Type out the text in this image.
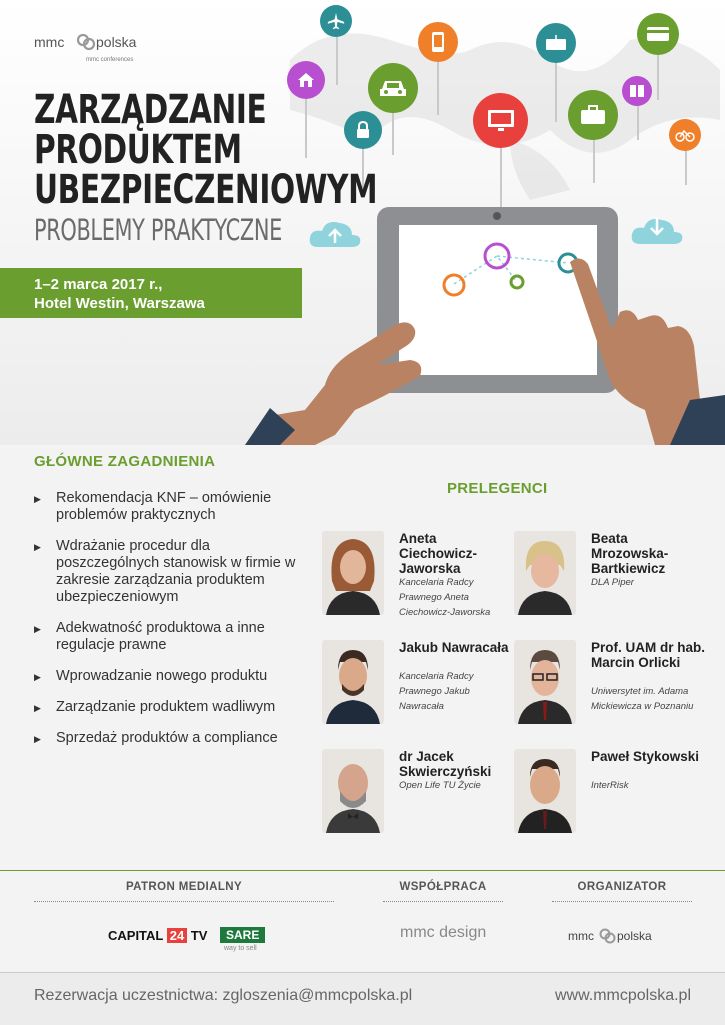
mmc polska
mmc conferences
ZARZĄDZANIE
PRODUKTEM
UBEZPIECZENIOWYM
PROBLEMY PRAKTYCZNE
1–2 marca 2017 r.,
Hotel Westin, Warszawa
GŁÓWNE ZAGADNIENIA
▶ Rekomendacja KNF – omówienie problemów praktycznych
▶ Wdrażanie procedur dla poszczególnych stanowisk w firmie w zakresie zarządzania produktem ubezpieczeniowym
▶ Adekwatność produktowa a inne regulacje prawne
▶ Wprowadzanie nowego produktu
▶ Zarządzanie produktem wadliwym
▶ Sprzedaż produktów a compliance
PRELEGENCI
Aneta Ciechowicz-Jaworska
Kancelaria Radcy Prawnego Aneta Ciechowicz-Jaworska
Beata Mrozowska-Bartkiewicz
DLA Piper
Jakub Nawracała
Kancelaria Radcy Prawnego Jakub Nawracała
Prof. UAM dr hab. Marcin Orlicki
Uniwersytet im. Adama Mickiewicza w Poznaniu
dr Jacek Skwierczyński
Open Life TU Życie
Paweł Stykowski
InterRisk
PATRON MEDIALNY	WSPÓŁPRACA	ORGANIZATOR
CAPITAL 24 TV	SARE
way to sell
mmc design	mmc polska
Rezerwacja uczestnictwa: zgloszenia@mmcpolska.pl	www.mmcpolska.pl
